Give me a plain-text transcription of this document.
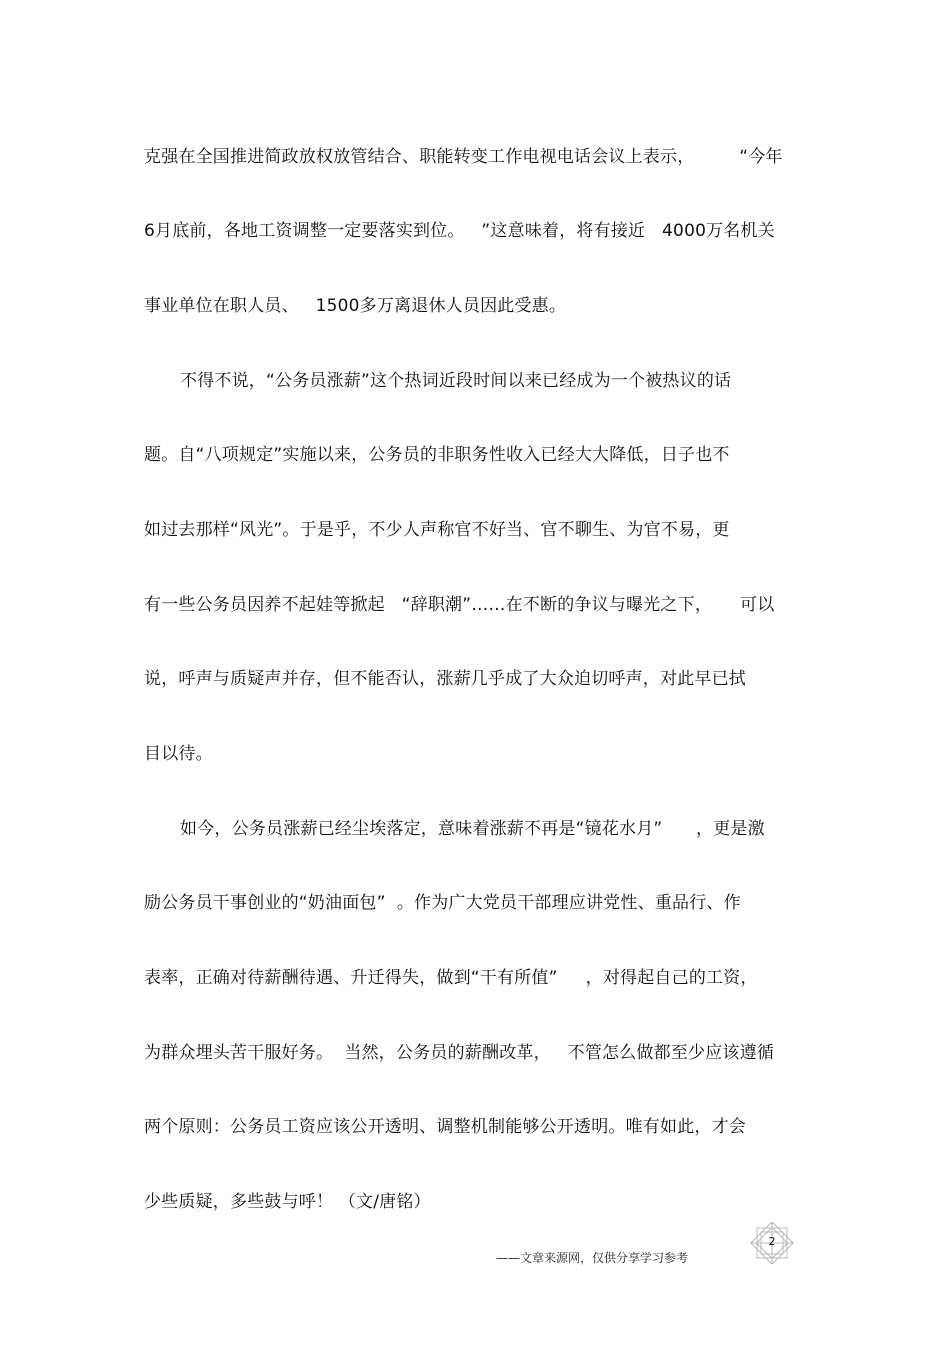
克强在全国推进简政放权放管结合、职能转变工作电视电话会议上表示，        “今年
6月底前，各地工资调整一定要落实到位。   ”这意味着，将有接近   4000万名机关
事业单位在职人员、   1500多万离退休人员因此受惠。
不得不说，“公务员涨薪”这个热词近段时间以来已经成为一个被热议的话
题。自“八项规定”实施以来，公务员的非职务性收入已经大大降低，日子也不
如过去那样“风光”。于是乎，不少人声称官不好当、官不聊生、为官不易，更
有一些公务员因养不起娃等掀起   “辞职潮”……在不断的争议与曝光之下，     可以
说，呼声与质疑声并存，但不能否认，涨薪几乎成了大众迫切呼声，对此早已拭
目以待。
如今，公务员涨薪已经尘埃落定，意味着涨薪不再是“镜花水月”      ，更是激
励公务员干事创业的“奶油面包”  。作为广大党员干部理应讲党性、重品行、作
表率，正确对待薪酬待遇、升迁得失，做到“干有所值”     ，对得起自己的工资，
为群众埋头苦干服好务。  当然，公务员的薪酬改革，   不管怎么做都至少应该遵循
两个原则：公务员工资应该公开透明、调整机制能够公开透明。唯有如此，才会
少些质疑，多些鼓与呼！ （文/唐铭）
2
——文章来源网，仅供分享学习参考
